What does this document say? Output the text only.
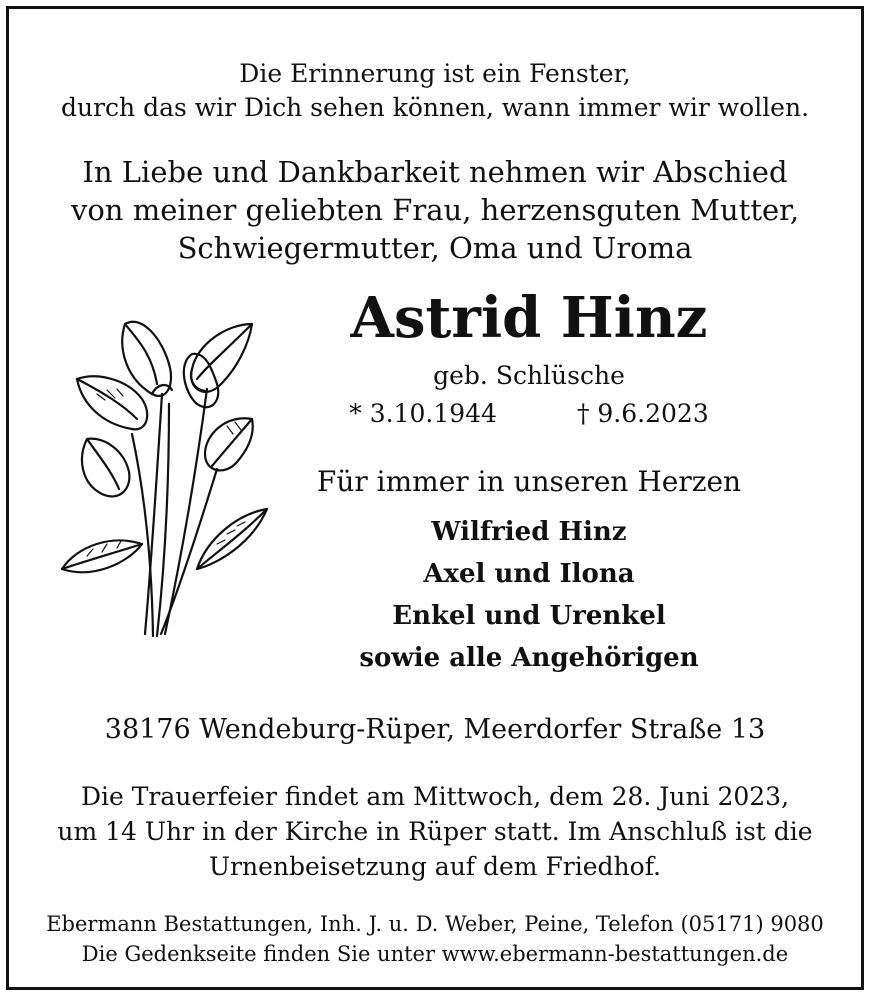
Die Erinnerung ist ein Fenster,

durch das wir Dich sehen können, wann immer wir wollen.

In Liebe und Dankbarkeit nehmen wir Abschied

von meiner geliebten Frau, herzensguten Mutter,

Schwiegermutter, Oma und Uroma

Astrid Hinz
geb. Schlüsche
* 3.10.1944	† 9.6.2023
Für immer in unseren Herzen

Wilfried Hinz

Axel und Ilona

Enkel und Urenkel

sowie alle Angehörigen

38176 Wendeburg-Rüper, Meerdorfer Straße 13

Die Trauerfeier findet am Mittwoch, dem 28. Juni 2023,

um 14 Uhr in der Kirche in Rüper statt. Im Anschluß ist die

Urnenbeisetzung auf dem Friedhof.

Ebermann Bestattungen, Inh. J. u. D. Weber, Peine, Telefon (05171) 9080

Die Gedenkseite finden Sie unter www.ebermann-bestattungen.de
